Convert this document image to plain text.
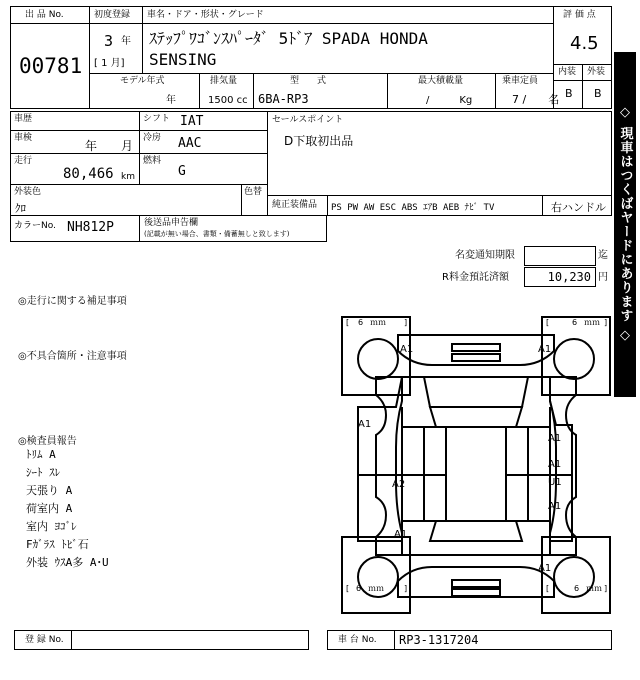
出 品 No.
00781
初度登録
3 年
[ 1 月]
車名・ドア・形状・グレード
ｽﾃｯﾌﾟﾜｺﾞﾝｽﾊﾟｰﾀﾞ 5ﾄﾞｱ SPADA HONDA
SENSING
評 価 点
4.5
内装 外装
B B
モデル年式
年
排気量
1500 cc
型　　式
6BA-RP3
最大積載量
/　　　Kg
乗車定員
7 /　　名
車歴	シフト IAT
車検
年　　月
冷房 AAC
走行
80,466 km
燃料
G
外装色
ｸﾛ
色替
カラーNo. NH812P	後送品申告欄
(記載が無い場合、書類・備蓄無しと致します)
セールスポイント
D下取初出品
純正装備品 PS PW AW ESC ABS ｴｱB AEB ﾅﾋﾞ TV	右ハンドル
名変通知期限	迄
R料金預託済額	10,230 円
◎走行に関する補足事項
◎不具合箇所・注意事項
◎検査員報告
ﾄﾘﾑ A
ｼｰﾄ ｽﾚ
天張り A
荷室内 A
室内 ﾖｺﾞﾚ
Fｶﾞﾗｽ ﾄﾋﾞ石
外装 ｳｽA多 A･U
◇ 現車はつくばヤードにあります ◇
[ 6 ｍｍ ]	[	6 ｍｍ ]
[ 6 ｍｍ	]	[	6 ｍｍ ]
A1	A1
A1
A1
A1
A1
U1
A2
A1
A1
登 録 No.	車 台 No. RP3-1317204
